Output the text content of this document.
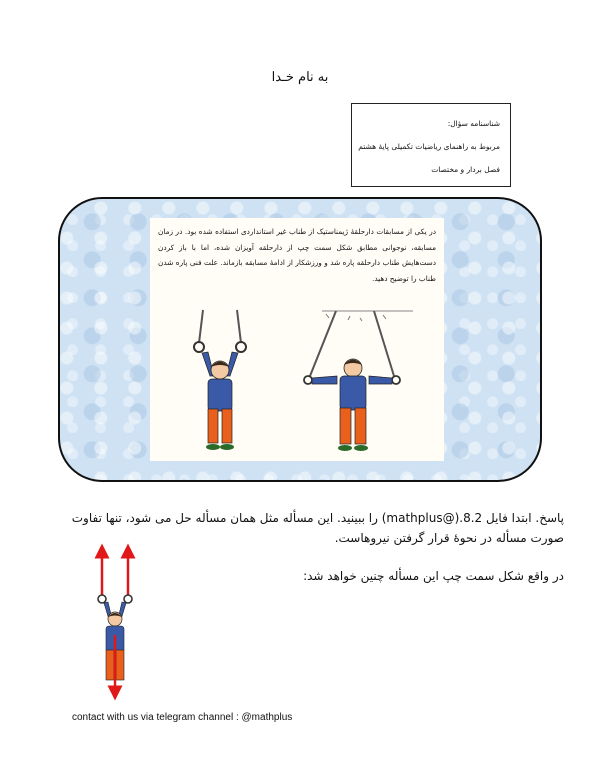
به نام خـدا
شناسنامه سؤال:
مربوط به راهنمای ریاضیات تکمیلی پایهٔ هشتم
فصل بردار و مختصات
در یکی از مسابقات دارحلقهٔ ژیمناستیک از طناب غیر استانداردی استفاده شده بود. در زمان مسابقه، نوجوانی مطابق شکل سمت چپ از دارحلقه آویزان شده، اما با باز کردن دست‌هایش طناب دارحلقه پاره شد و ورزشکار از ادامهٔ مسابقه بازماند. علت فنی پاره شدن طناب را توضیح دهید.
پاسخ. ابتدا فایل 8.2.(@mathplus) را ببینید. این مسأله مثل همان مسأله حل می شود، تنها تفاوت صورت مسأله در نحوهٔ قرار گرفتن نیروهاست.
در واقع شکل سمت چپ این مسأله چنین خواهد شد:
contact with us via telegram channel : @mathplus
